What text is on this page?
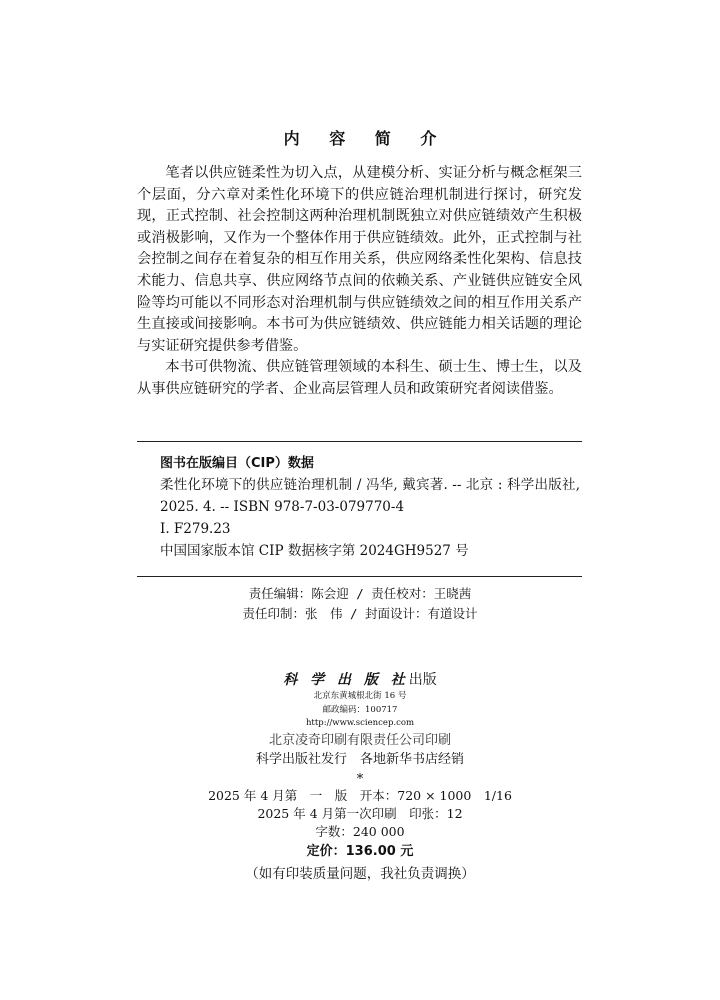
内 容 简 介

笔者以供应链柔性为切入点，从建模分析、实证分析与概念框架三个层面，分六章对柔性化环境下的供应链治理机制进行探讨，研究发现，正式控制、社会控制这两种治理机制既独立对供应链绩效产生积极或消极影响，又作为一个整体作用于供应链绩效。此外，正式控制与社会控制之间存在着复杂的相互作用关系，供应网络柔性化架构、信息技术能力、信息共享、供应网络节点间的依赖关系、产业链供应链安全风险等均可能以不同形态对治理机制与供应链绩效之间的相互作用关系产生直接或间接影响。本书可为供应链绩效、供应链能力相关话题的理论与实证研究提供参考借鉴。

本书可供物流、供应链管理领域的本科生、硕士生、博士生，以及从事供应链研究的学者、企业高层管理人员和政策研究者阅读借鉴。

图书在版编目（CIP）数据
柔性化环境下的供应链治理机制 / 冯华, 戴宾著. -- 北京 : 科学出版社, 2025. 4. -- ISBN 978-7-03-079770-4
Ⅰ. F279.23
中国国家版本馆 CIP 数据核字第 2024GH9527 号
责任编辑：陈会迎 / 责任校对：王晓茜
责任印制：张　伟 / 封面设计：有道设计
科 学 出 版 社出版
北京东黄城根北街 16 号
邮政编码：100717
http://www.sciencep.com
北京凌奇印刷有限责任公司印刷
科学出版社发行　各地新华书店经销
*
2025 年 4 月第　一　版　开本：720 × 1000　1/16
2025 年 4 月第一次印刷　印张：12
字数：240 000
定价：136.00 元
（如有印装质量问题，我社负责调换）
